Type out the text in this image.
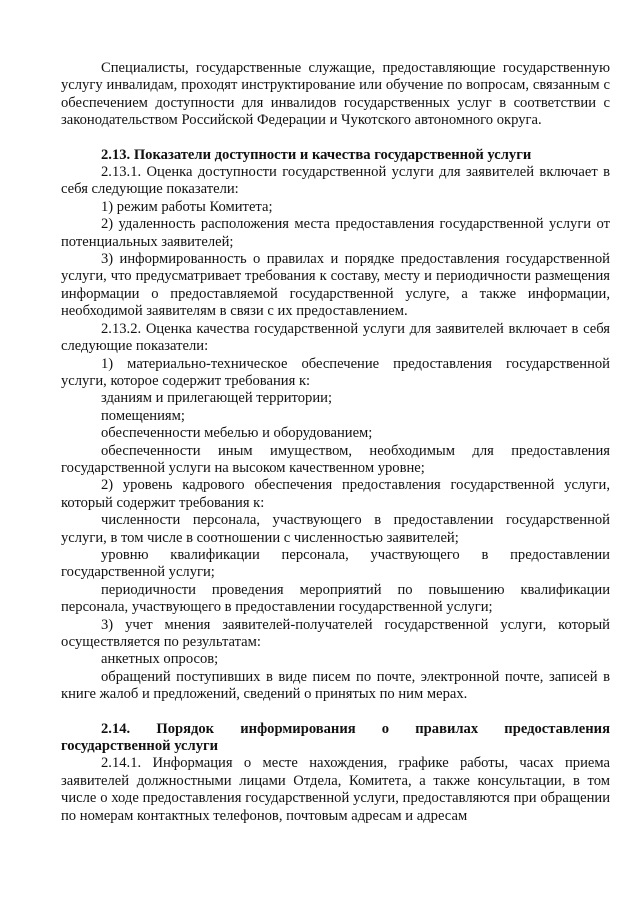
Специалисты, государственные служащие, предоставляющие государственную услугу инвалидам, проходят инструктирование или обучение по вопросам, связанным с обеспечением доступности для инвалидов государственных услуг в соответствии с законодательством Российской Федерации и Чукотского автономного округа.

2.13. Показатели доступности и качества государственной услуги

2.13.1. Оценка доступности государственной услуги для заявителей включает в себя следующие показатели:

1) режим работы Комитета;

2) удаленность расположения места предоставления государственной услуги от потенциальных заявителей;

3) информированность о правилах и порядке предоставления государственной услуги, что предусматривает требования к составу, месту и периодичности размещения информации о предоставляемой государственной услуге, а также информации, необходимой заявителям в связи с их предоставлением.

2.13.2. Оценка качества государственной услуги для заявителей включает в себя следующие показатели:

1) материально-техническое обеспечение предоставления государственной услуги, которое содержит требования к:

зданиям и прилегающей территории;

помещениям;

обеспеченности мебелью и оборудованием;

обеспеченности иным имуществом, необходимым для предоставления государственной услуги на высоком качественном уровне;

2) уровень кадрового обеспечения предоставления государственной услуги, который содержит требования к:

численности персонала, участвующего в предоставлении государственной услуги, в том числе в соотношении с численностью заявителей;

уровню квалификации персонала, участвующего в предоставлении государственной услуги;

периодичности проведения мероприятий по повышению квалификации персонала, участвующего в предоставлении государственной услуги;

3) учет мнения заявителей-получателей государственной услуги, который осуществляется по результатам:

анкетных опросов;

обращений поступивших в виде писем по почте, электронной почте, записей в книге жалоб и предложений, сведений о принятых по ним мерах.

2.14. Порядок информирования о правилах предоставления

государственной услуги

2.14.1. Информация о месте нахождения, графике работы, часах приема заявителей должностными лицами Отдела, Комитета, а также консультации, в том числе о ходе предоставления государственной услуги, предоставляются при обращении по номерам контактных телефонов, почтовым адресам и адресам
